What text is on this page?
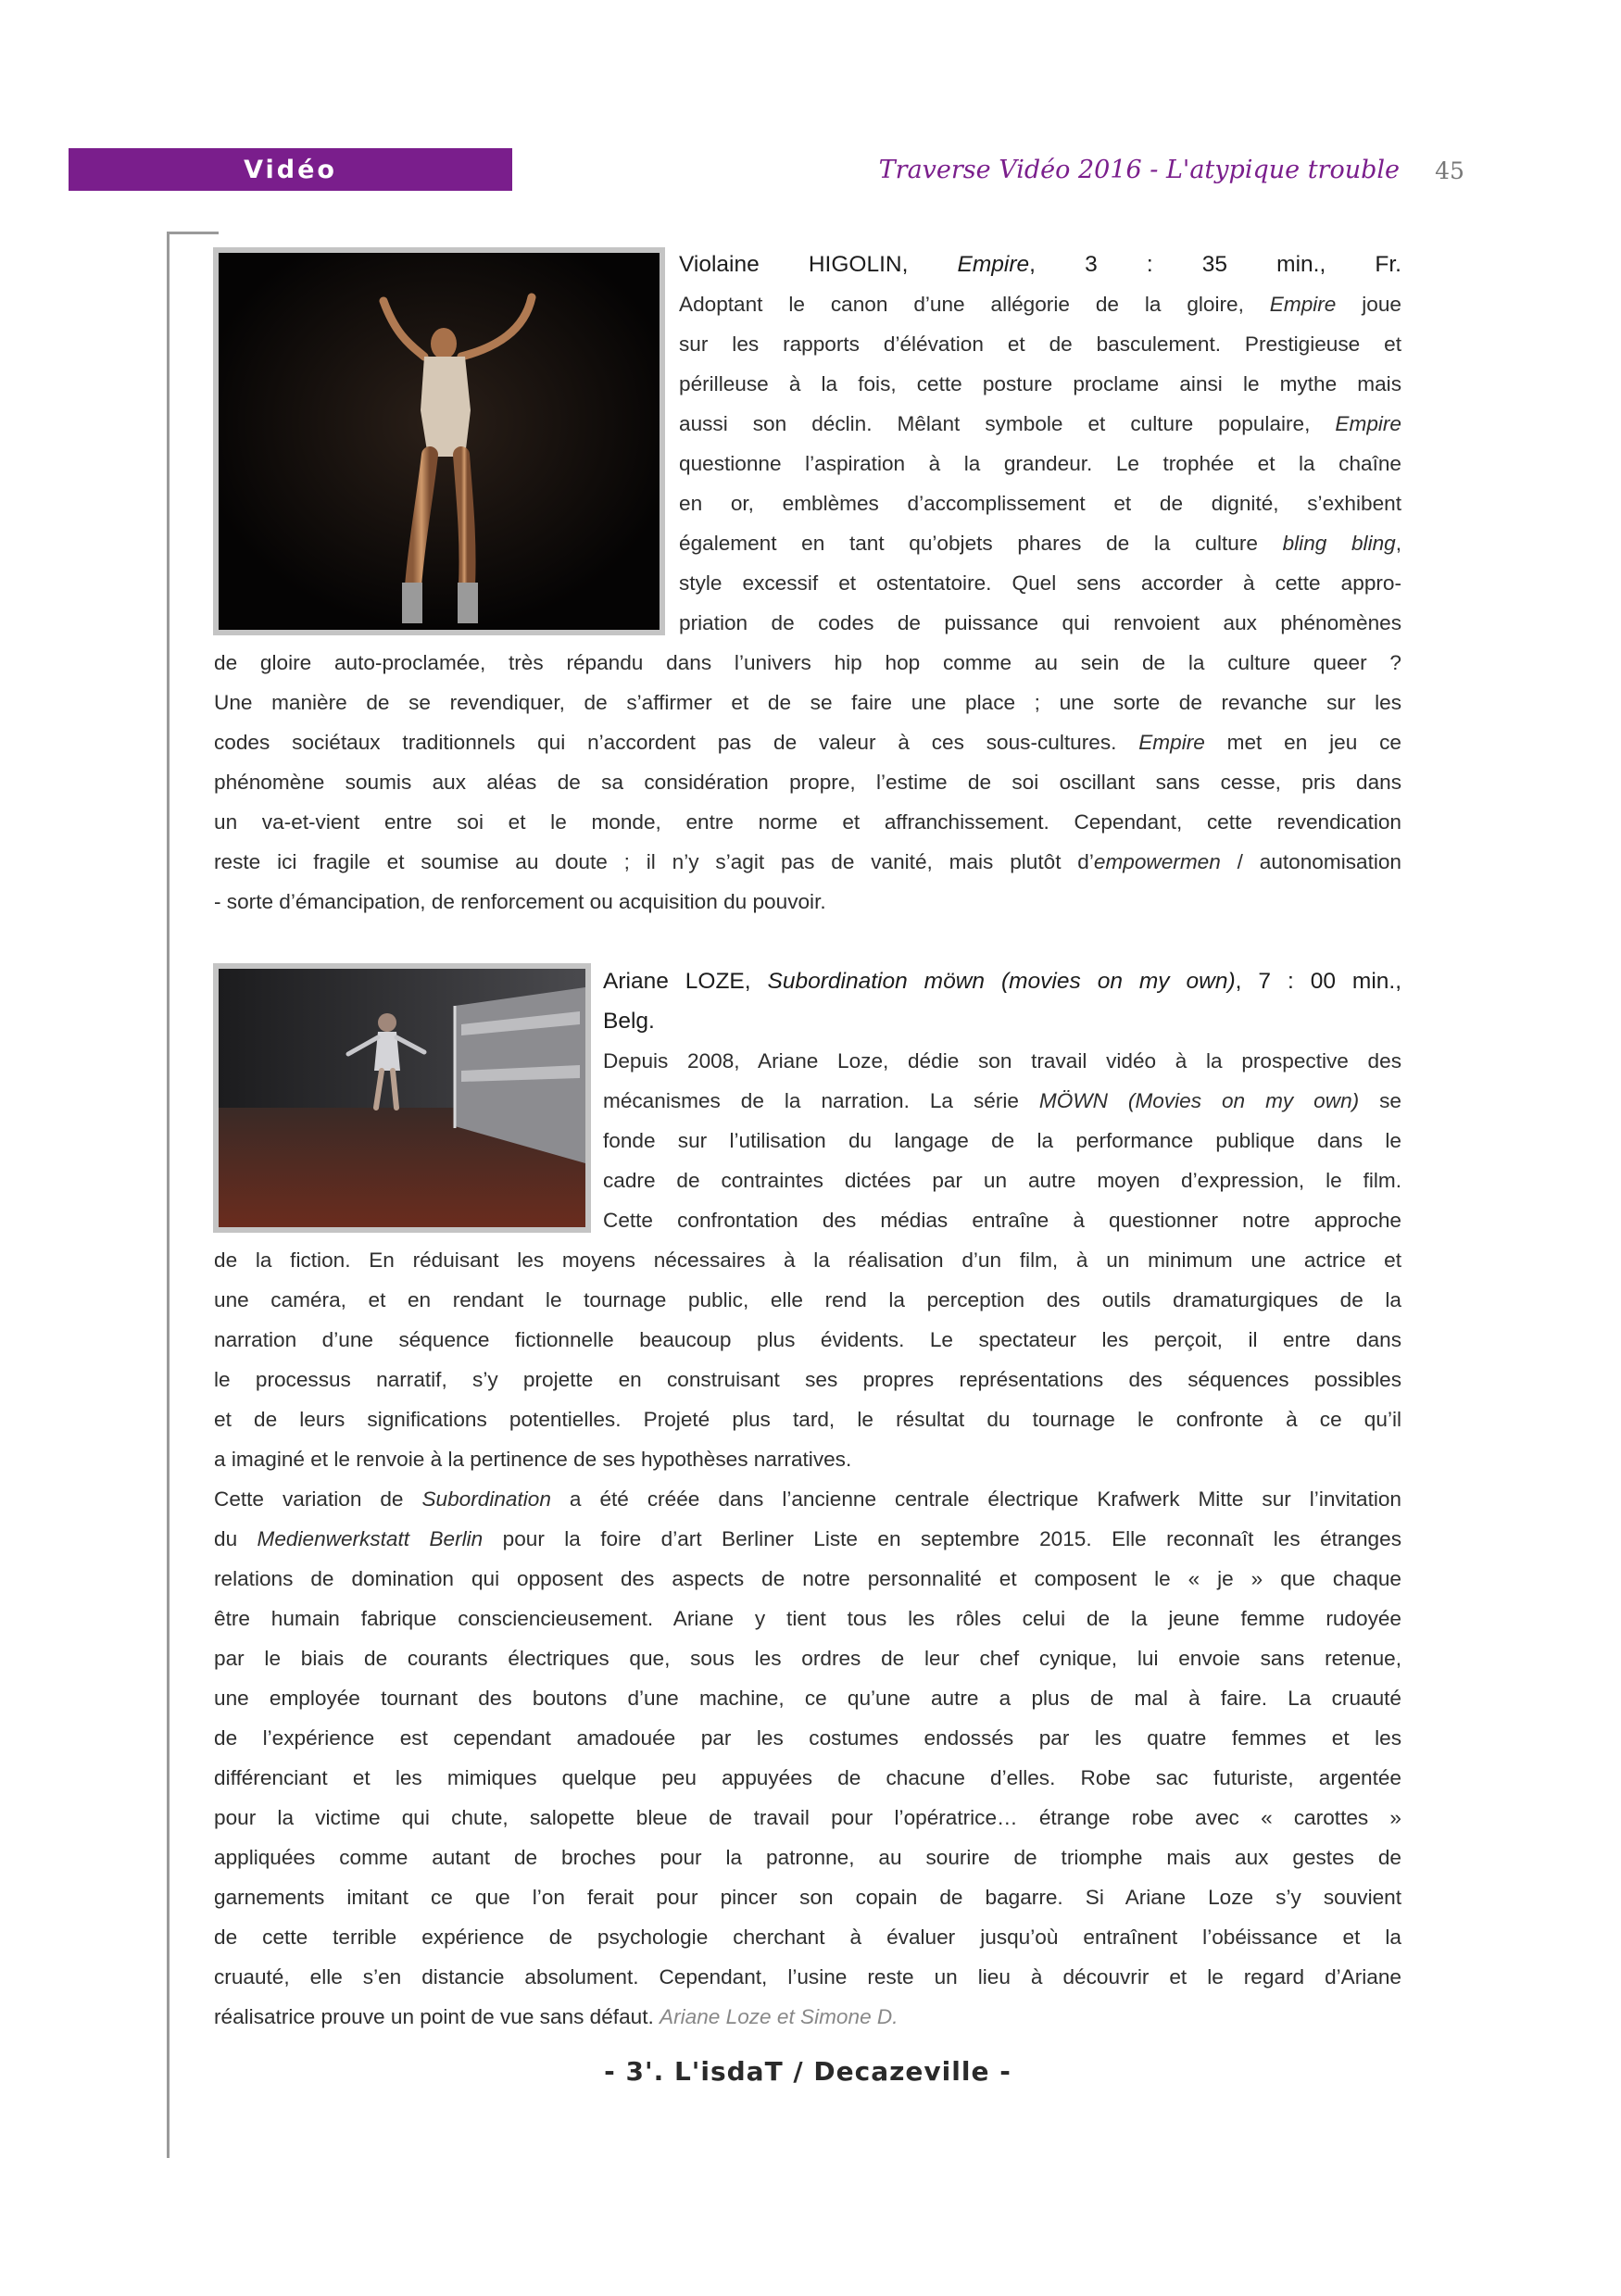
Vidéo	Traverse Vidéo 2016 - L'atypique trouble	45
Violaine HIGOLIN, Empire, 3 : 35 min., Fr.
Adoptant le canon d’une allégorie de la gloire, Empire joue
sur les rapports d’élévation et de basculement. Prestigieuse et
périlleuse à la fois, cette posture proclame ainsi le mythe mais
aussi son déclin. Mêlant symbole et culture populaire, Empire
questionne l’aspiration à la grandeur. Le trophée et la chaîne
en or, emblèmes d’accomplissement et de dignité, s’exhibent
également en tant qu’objets phares de la culture bling bling,
style excessif et ostentatoire. Quel sens accorder à cette appro-
priation de codes de puissance qui renvoient aux phénomènes
de gloire auto-proclamée, très répandu dans l’univers hip hop comme au sein de la culture queer ?
Une manière de se revendiquer, de s’affirmer et de se faire une place ; une sorte de revanche sur les
codes sociétaux traditionnels qui n’accordent pas de valeur à ces sous-cultures. Empire met en jeu ce
phénomène soumis aux aléas de sa considération propre, l’estime de soi oscillant sans cesse, pris dans
un va-et-vient entre soi et le monde, entre norme et affranchissement. Cependant, cette revendication
reste ici fragile et soumise au doute ; il n’y s’agit pas de vanité, mais plutôt d’empowermen / autonomisation
- sorte d’émancipation, de renforcement ou acquisition du pouvoir.
Ariane LOZE, Subordination möwn (movies on my own), 7 : 00 min.,
Belg.
Depuis 2008, Ariane Loze, dédie son travail vidéo à la prospective des
mécanismes de la narration. La série MÖWN (Movies on my own) se
fonde sur l’utilisation du langage de la performance publique dans le
cadre de contraintes dictées par un autre moyen d’expression, le film.
Cette confrontation des médias entraîne à questionner notre approche
de la fiction. En réduisant les moyens nécessaires à la réalisation d’un film, à un minimum une actrice et
une caméra, et en rendant le tournage public, elle rend la perception des outils dramaturgiques de la
narration d’une séquence fictionnelle beaucoup plus évidents. Le spectateur les perçoit, il entre dans
le processus narratif, s’y projette en construisant ses propres représentations des séquences possibles
et de leurs significations potentielles. Projeté plus tard, le résultat du tournage le confronte à ce qu’il
a imaginé et le renvoie à la pertinence de ses hypothèses narratives.
Cette variation de Subordination a été créée dans l’ancienne centrale électrique Krafwerk Mitte sur l’invitation
du Medienwerkstatt Berlin pour la foire d’art Berliner Liste en septembre 2015. Elle reconnaît les étranges
relations de domination qui opposent des aspects de notre personnalité et composent le « je » que chaque
être humain fabrique consciencieusement. Ariane y tient tous les rôles celui de la jeune femme rudoyée
par le biais de courants électriques que, sous les ordres de leur chef cynique, lui envoie sans retenue,
une employée tournant des boutons d’une machine, ce qu’une autre a plus de mal à faire. La cruauté
de l’expérience est cependant amadouée par les costumes endossés par les quatre femmes et les
différenciant et les mimiques quelque peu appuyées de chacune d’elles. Robe sac futuriste, argentée
pour la victime qui chute, salopette bleue de travail pour l’opératrice… étrange robe avec « carottes »
appliquées comme autant de broches pour la patronne, au sourire de triomphe mais aux gestes de
garnements imitant ce que l’on ferait pour pincer son copain de bagarre. Si Ariane Loze s’y souvient
de cette terrible expérience de psychologie cherchant à évaluer jusqu’où entraînent l’obéissance et la
cruauté, elle s’en distancie absolument. Cependant, l’usine reste un lieu à découvrir et le regard d’Ariane
réalisatrice prouve un point de vue sans défaut. Ariane Loze et Simone D.
- 3'. L'isdaT / Decazeville -
